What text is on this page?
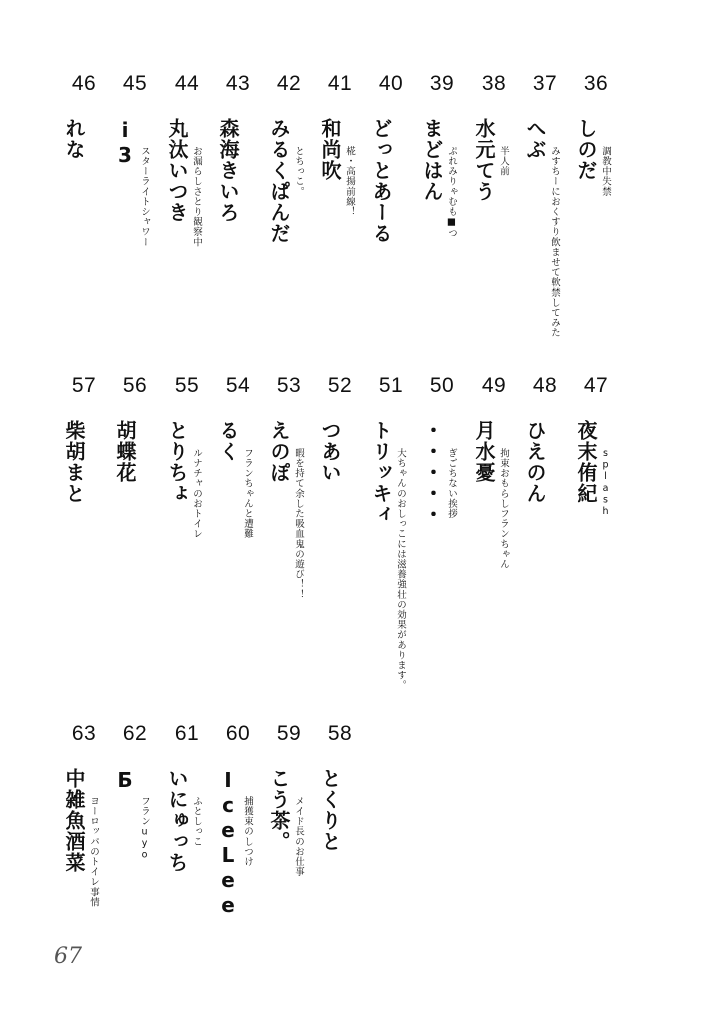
36
しのだ 調教中失禁
37
へぶ
みすちーにおくすり飲ませて軟禁してみた
38
水元てう 半人前
39
まどはん ぷれみりゃむも■つ
40
どっとあーる
41
和尚吹 椛・高揚前線！
42
みるくぱんだ とちっこ。
43
森海きいろ
44
丸汰いつき お漏らしさとり観察中
45
i3
スターライトシャワー
46
れな
47
夜末侑紀 splash
48
ひえのん
49
月水憂 拘束おもらしフランちゃん
50
・・・・・ ぎごちない挨拶
51
トリッキィ 大ちゃんのおしっこには滋養強壮の効果があります。
52
つあい
53
えのぽ 暇を持て余した吸血鬼の遊び！！
54
るく
フランちゃんと遭難
55
とりちょ ルナチャのおトイレ
56
胡蝶花
57
柴胡まと
58
とくりと
59
こう茶。 メイド長のお仕事
60
IceLee 捕獲束のしつけ
61
いにゅっち ふとしっこ
62
Б
フランuyo
63
中雑魚酒菜 ヨーロッパのトイレ事情
67
